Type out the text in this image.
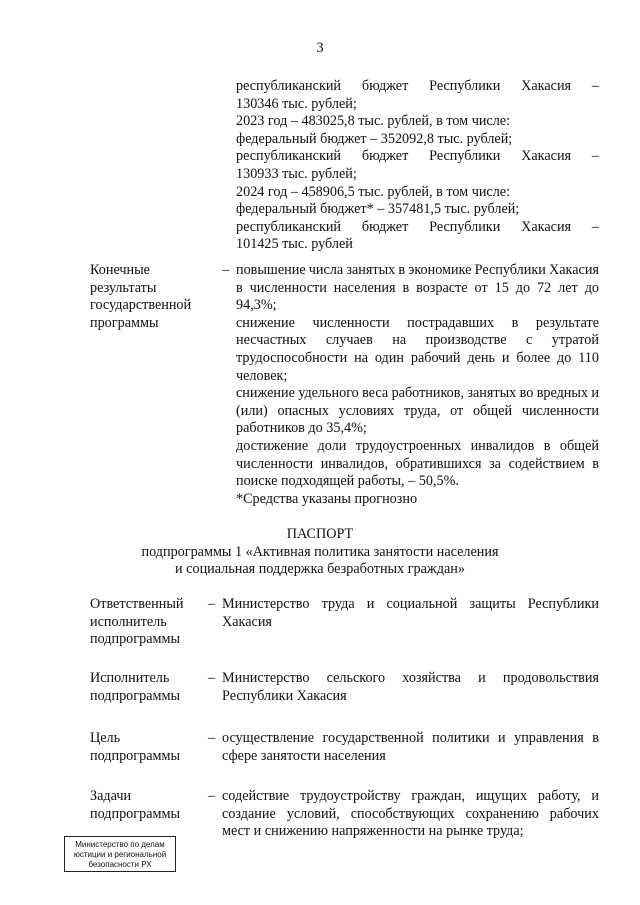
3
республиканский бюджет Республики Хакасия –
130346 тыс. рублей;
2023 год – 483025,8 тыс. рублей, в том числе:
федеральный бюджет – 352092,8 тыс. рублей;
республиканский бюджет Республики Хакасия –
130933 тыс. рублей;
2024 год – 458906,5 тыс. рублей, в том числе:
федеральный бюджет* – 357481,5 тыс. рублей;
республиканский бюджет Республики Хакасия –
101425 тыс. рублей
Конечные
результаты
государственной
программы
– повышение числа занятых в экономике Республики Хакасия
в численности населения в возрасте от 15 до 72 лет до
94,3%;
снижение численности пострадавших в результате
несчастных случаев на производстве с утратой
трудоспособности на один рабочий день и более до 110
человек;
снижение удельного веса работников, занятых во вредных и
(или) опасных условиях труда, от общей численности
работников до 35,4%;
достижение доли трудоустроенных инвалидов в общей
численности инвалидов, обратившихся за содействием в
поиске подходящей работы, – 50,5%.
*Средства указаны прогнозно
ПАСПОРТ
подпрограммы 1 «Активная политика занятости населения
и социальная поддержка безработных граждан»
Ответственный
исполнитель
подпрограммы
– Министерство труда и социальной защиты Республики
Хакасия
Исполнитель
подпрограммы
– Министерство сельского хозяйства и продовольствия
Республики Хакасия
Цель
подпрограммы
– осуществление государственной политики и управления в
сфере занятости населения
Задачи
подпрограммы
– содействие трудоустройству граждан, ищущих работу, и
создание условий, способствующих сохранению рабочих
мест и снижению напряженности на рынке труда;
Министерство по делам
юстиции и региональной
безопасности РХ
